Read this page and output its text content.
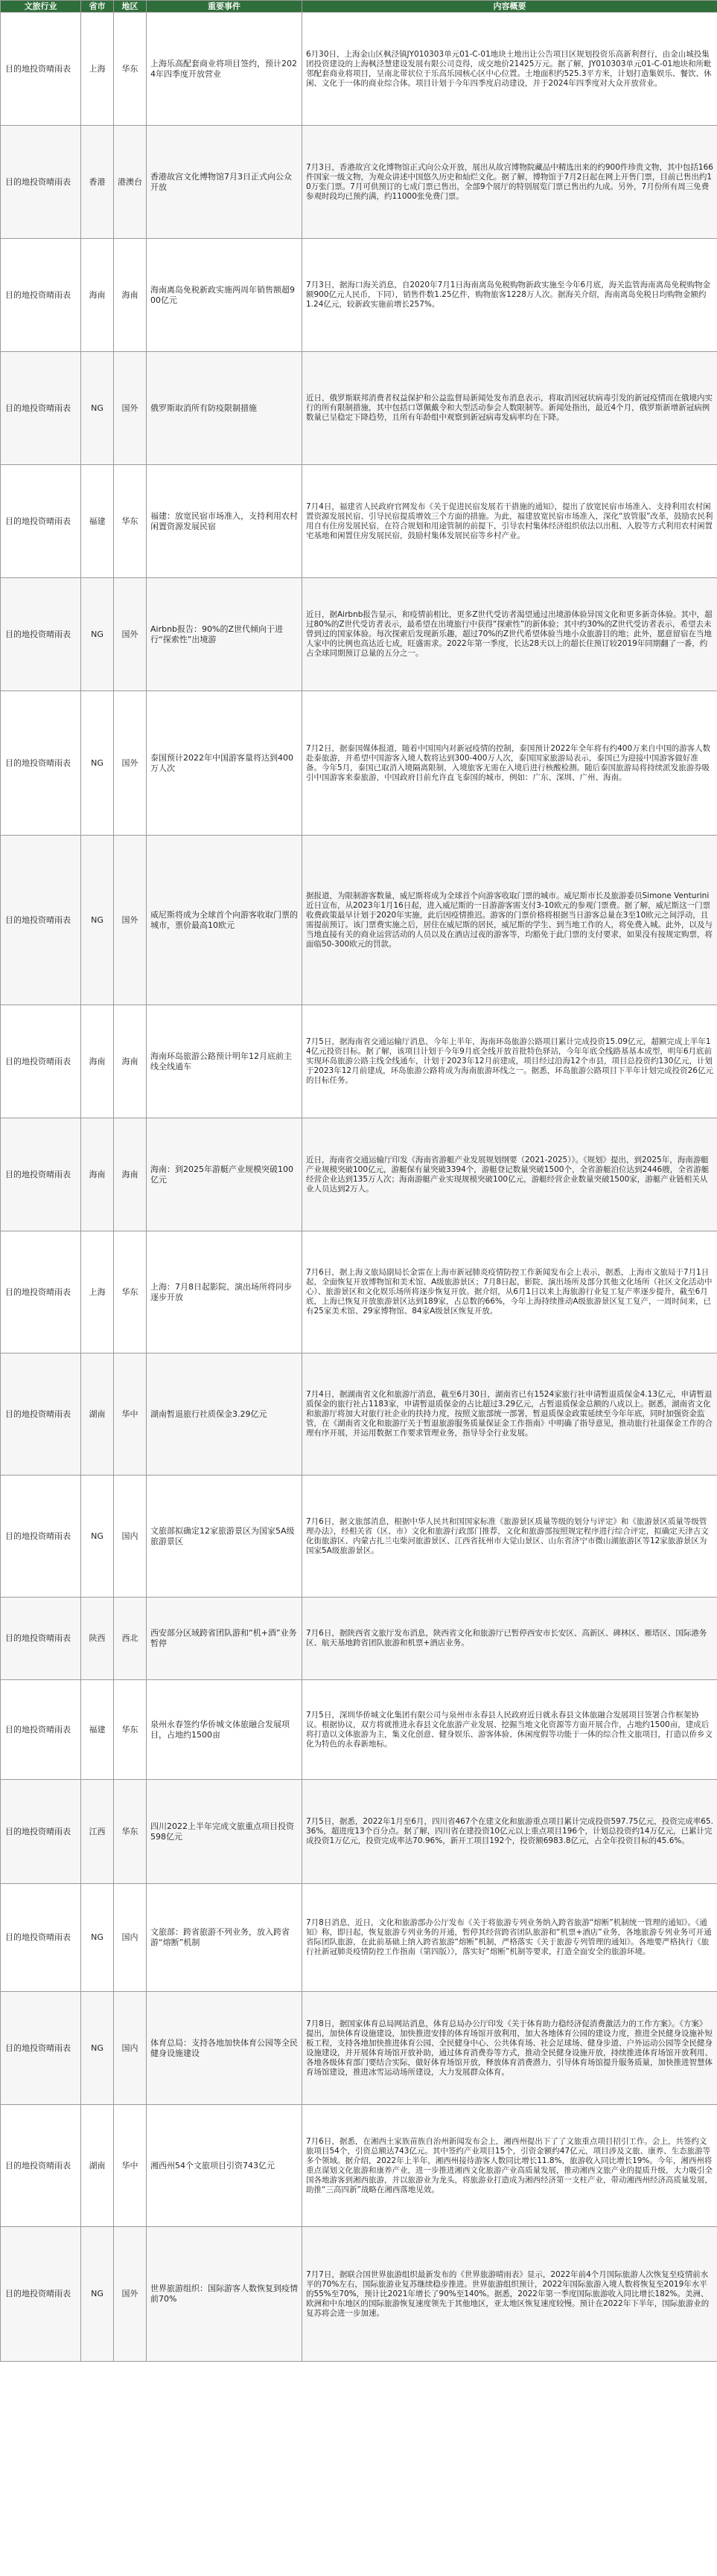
文旅行业	省市	地区	重要事件	内容概要
目的地投资晴雨表	上海	华东	上海乐高配套商业将项目签约，预计2024年四季度开放营业	6月30日，上海金山区枫泾镇JY010303单元01-C-01地块土地出让公告项目区规划投资乐高新利督行，由金山城投集团投资建设的上海枫泾慧建设发展有限公司竞得，成交地价21425万元。据了解，JY010303单元01-C-01地块和所毗邻配套商业将项目，呈南北带状位于乐高乐园核心区中心位置。土地面积约525.3平方米，计划打造集娱乐、餐饮、休闲、文化于一体的商业综合体。项目计划于今年四季度启动建设，并于2024年四季度对大众开放营业。
目的地投资晴雨表	香港	港澳台	香港故宫文化博物馆7月3日正式向公众开放	7月3日，香港故宫文化博物馆正式向公众开放，展出从故宫博物院藏品中精选出来的约900件珍贵文物，其中包括166件国家一级文物，为观众讲述中国悠久历史和灿烂文化。据了解，博物馆于7月2日起在网上开售门票，目前已售出约10万张门票。7月可供预订的七成门票已售出，全部9个展厅的特别展览门票已售出约九成。另外，7月份所有周三免费参观时段均已预约满，约11000张免费门票。
目的地投资晴雨表	海南	海南	海南离岛免税新政实施两周年销售额超900亿元	7月3日，据海口海关消息，自2020年7月1日海南离岛免税购物新政实施至今年6月底，海关监管海南离岛免税购物金额900亿元人民币，下同），销售件数1.25亿件，购物旅客1228万人次。据海关介绍，海南离岛免税日均购物金额约1.24亿元，较新政实施前增长257%。
目的地投资晴雨表	NG	国外	俄罗斯取消所有防疫限制措施	近日，俄罗斯联邦消费者权益保护和公益监督局新闻处发布消息表示，将取消因冠状病毒引发的新冠疫情而在俄境内实行的所有限制措施，其中包括口罩佩戴令和大型活动参会人数限制等。新闻处指出，最近4个月，俄罗斯新增新冠病例数量已呈稳定下降趋势，且所有年龄组中观察到新冠病毒发病率均在下降。
目的地投资晴雨表	福建	华东	福建：放宽民宿市场准入，支持利用农村闲置资源发展民宿	7月4日，福建省人民政府官网发布《关于促进民宿发展若干措施的通知》，提出了放宽民宿市场准入、支持利用农村闲置资源发展民宿、引导民宿提质增效三个方面的措施。为此，福建放宽民宿市场准入，深化“放管服”改革，鼓励农民利用自有住房发展民宿，在符合规划和用途管制的前提下，引导农村集体经济组织依法以出租、入股等方式利用农村闲置宅基地和闲置住房发展民宿，鼓励村集体发展民宿等乡村产业。
目的地投资晴雨表	NG	国外	Airbnb报告：90%的Z世代倾向于进行“探索性”出境游	近日，据Airbnb报告显示，和疫情前相比，更多Z世代受访者渴望通过出境游体验异国文化和更多新奇体验。其中，超过80%的Z世代受访者表示，最希望在出境旅行中获得“探索性”的新体验；其中约30%的Z世代受访者表示，希望去未曾到过的国家体验。每次探索后发现新乐趣，超过70%的Z世代希望体验当地小众旅游目的地；此外，愿意留宿在当地人家中的比例也高达近七成，旺盛需求。2022年第一季度，长达28天以上的超长住预订较2019年同期翻了一番，约占全球同期预订总量的五分之一。
目的地投资晴雨表	NG	国外	泰国预计2022年中国游客量将达到400万人次	7月2日，据泰国媒体报道，随着中国国内对新冠疫情的控制，泰国预计2022年全年将有约400万来自中国的游客人数赴泰旅游，并希望中国游客入境人数将达到300-400万人次，泰国国家旅游局表示，泰国已为迎接中国游客做好准备。今年5月，泰国已取消入境隔离限制，入境旅客无需在入境后进行核酸检测。随后泰国旅游局将持续派发旅游券吸引中国游客来泰旅游，中国政府目前允许直飞泰国的城市，例如：广东、深圳、广州、海南。
目的地投资晴雨表	NG	国外	威尼斯将成为全球首个向游客收取门票的城市，票价最高10欧元	据报道，为限制游客数量，威尼斯将成为全球首个向游客收取门票的城市。威尼斯市长及旅游委员Simone Venturini近日宣布，从2023年1月16日起，进入威尼斯的一日游游客需支付3-10欧元的参观门票费。据了解，威尼斯这一门票收费政策最早计划于2020年实施，此后因疫情推迟。游客的门票价格将根据当日游客总量在3至10欧元之间浮动，且需提前预订。该门票费实施之后，居住在威尼斯的居民，威尼斯的学生、到当地工作的人，将免费入城。此外，以及与当地直接有关的商业运营活动的人员以及在酒店过夜的游客等，均豁免于此门票的支付要求，如果没有按规定购票，将面临50-300欧元的罚款。
目的地投资晴雨表	海南	海南	海南环岛旅游公路预计明年12月底前主线全线通车	7月5日，据海南省交通运输厅消息，今年上半年，海南环岛旅游公路项目累计完成投资15.09亿元，超额完成上半年14亿元投资目标。据了解，该项目计划于今年9月底全线开放首批特色驿站，今年年底全线路基基本成型，明年6月底前实现环岛旅游公路主线全线通车，计划于2023年12月前建成，项目经过沿海12个市县，项目总投资约130亿元，计划于2023年12月前建成，环岛旅游公路将成为海南旅游环线之一。据悉，环岛旅游公路项目下半年计划完成投资26亿元的目标任务。
目的地投资晴雨表	海南	海南	海南：到2025年游艇产业规模突破100亿元	近日，海南省交通运输厅印发《海南省游艇产业发展规划纲要（2021-2025）》。《规划》提出，到2025年，海南游艇产业规模突破100亿元，游艇保有量突破3394个，游艇登记数量突破1500个，全省游艇泊位达到2446艘，全省游艇经营企业达到135万人次；海南游艇产业实现规模突破100亿元，游艇经营企业数量突破1500家，游艇产业链相关从业人员达到2万人。
目的地投资晴雨表	上海	华东	上海：7月8日起影院、演出场所将同步逐步开放	7月6日，据上海文旅局副局长金雷在上海市新冠肺炎疫情防控工作新闻发布会上表示，据悉，上海市文旅局于7月1日起，全面恢复开放博物馆和美术馆、A级旅游景区；7月8日起，影院、演出场所及部分其他文化场所（社区文化活动中心）、旅游景区和文化娱乐场所将逐步恢复开放。据介绍，从6月1日以来上海旅游行业复工复产率逐步提升，截至6月底，上海已恢复开放旅游景区达到189家，占总数的66%，今年上海持续推动A级旅游景区复工复产，一周时间来，已有25家美术馆、29家博物馆、84家A级景区恢复开放。
目的地投资晴雨表	湖南	华中	湖南暂退旅行社质保金3.29亿元	7月4日，据湖南省文化和旅游厅消息，截至6月30日，湖南省已有1524家旅行社申请暂退质保金4.13亿元，申请暂退质保金的旅行社占1183家，申请暂退质保金的占比超过3.29亿元，占暂退质保金总额的八成以上。据悉，湖南省文化和旅游厅将加大对旅行社企业的扶持力度，按照文旅部统一部署，暂退质保金政策延续至今年年底，同时加强资金监管，在《湖南省文化和旅游厅关于暂退旅游服务质量保证金工作指南》中明确了指导意见，推动旅行社退保金工作的合理有序开展，并运用数据工作要求管理业务，指导导全行业发展。
目的地投资晴雨表	NG	国内	文旅部拟确定12家旅游景区为国家5A级旅游景区	7月6日，据文旅部消息，根据中华人民共和国国家标准《旅游景区质量等级的划分与评定》和《旅游景区质量等级管理办法》，经相关省（区、市）文化和旅游行政部门推荐，文化和旅游部按照规定程序进行综合评定，拟确定天津古文化街旅游区、内蒙古扎兰屯柴河旅游景区、江西省抚州市大觉山景区、山东省济宁市微山湖旅游区等12家旅游景区为国家5A级旅游景区。
目的地投资晴雨表	陕西	西北	西安部分区域跨省团队游和“机+酒”业务暂停	7月6日，据陕西省文旅厅发布消息，陕西省文化和旅游厅已暂停西安市长安区、高新区、碑林区、雁塔区、国际港务区、航天基地跨省团队旅游和机票+酒店业务。
目的地投资晴雨表	福建	华东	泉州永春签约华侨城文体旅融合发展项目，占地约1500亩	7月5日，深圳华侨城文化集团有限公司与泉州市永春县人民政府近日就永春县文体旅融合发展项目签署合作框架协议。根据协议，双方将就推进永春县文化旅游产业发展、挖掘当地文化资源等方面开展合作，占地约1500亩，建成后将打造以文体旅游为主，集文化创意、健身娱乐、游客体验、休闲度假等功能于一体的综合性文旅项目，打造以侨乡文化为特色的永春新地标。
目的地投资晴雨表	江西	华东	四川2022上半年完成文旅重点项目投资598亿元	7月5日，据悉，2022年1月至6月，四川省467个在建文化和旅游重点项目累计完成投资597.75亿元，投资完成率65.36%，超进度13个百分点。据了解，四川省在建投资10亿元以上重点项目196个，计划总投资约14万亿元，已累计完成投资1万亿元，投资完成率达70.96%，新开工项目192个，投资额6983.8亿元，占全年投资目标的45.6%。
目的地投资晴雨表	NG	国内	文旅部：跨省旅游不列业务，放入跨省游“熔断”机制	7月8日消息，近日，文化和旅游部办公厅发布《关于将旅游专列业务纳入跨省旅游“熔断”机制统一管理的通知》。《通知》称，即日起，恢复旅游专列业务的开通，暂停其经营跨省团队旅游和“机票+酒店”业务，各地旅游专列业务可开通省际团队旅游，在此前基础上纳入跨省旅游“熔断”机制，严格落实《关于旅游专列管理的通知》。各地要严格执行《旅行社新冠肺炎疫情防控工作指南（第四版）》，落实好“熔断”机制等要求，打造全面安全的旅游环境。
目的地投资晴雨表	NG	国内	体育总局：支持各地加快体育公园等全民健身设施建设	7月8日，据国家体育总局网站消息，体育总局办公厅印发《关于体育助力稳经济促消费激活力的工作方案》。《方案》提出，加快体育设施建设，加快推进安排的体育场馆开放利用，加大各地体育公园的建设力度，推进全民健身设施补短板工程，支持各地加快推进体育公园、全民健身中心、公共体育场、社会足球场、健身步道、户外运动公园等全民健身设施建设，并开展体育场馆开放补助，通过体育消费券等方式，推动全民健身设施开放，持续推进体育场馆开放利用、各地各级体育部门要结合实际，做好体育场馆开放，释放体育消费潜力，引导体育场馆提升服务质量，加快推进智慧体育场馆建设，推进冰雪运动场所建设，大力发展群众体育。
目的地投资晴雨表	湖南	华中	湘西州54个文旅项目引资743亿元	7月6日，据悉，在湘西土家族苗族自治州新闻发布会上，湘西州提出下了了文旅重点项目招引工作。会上，共签约文旅项目54个，引资总额达743亿元。其中签约产业项目15个，引资金额约47亿元，项目涉及文旅、康养、生态旅游等多个领域。据介绍，2022年上半年，湘西州接待游客人数同比增长11.8%，旅游收入同比增长19%。今年，湘西州将重点谋划文化旅游和康养产业，进一步推进湘西文化旅游产业高质量发展，推动湘西文旅产业的提质升级，大力吸引全国各地游客到湘西旅游，并以旅游业为龙头，将旅游业打造成为湘西经济第一支柱产业，带动湘西州经济高质量发展，助推“三高四新”战略在湘西落地见效。
目的地投资晴雨表	NG	国外	世界旅游组织：国际游客人数恢复到疫情前70%	7月7日，据联合国世界旅游组织最新发布的《世界旅游晴雨表》显示，2022年前4个月国际旅游人次恢复至疫情前水平的70%左右，国际旅游业复苏继续稳步推进。世界旅游组织预计，2022年国际旅游入境人数将恢复至2019年水平的55%至70%，预计比2021年增长了90%至140%。据悉，2022年第一季度国际旅游收入同比增长182%。美洲、欧洲和中东地区的国际旅游恢复速度领先于其他地区，亚太地区恢复速度较慢。预计在2022年下半年，国际旅游业的复苏将会进一步加速。
